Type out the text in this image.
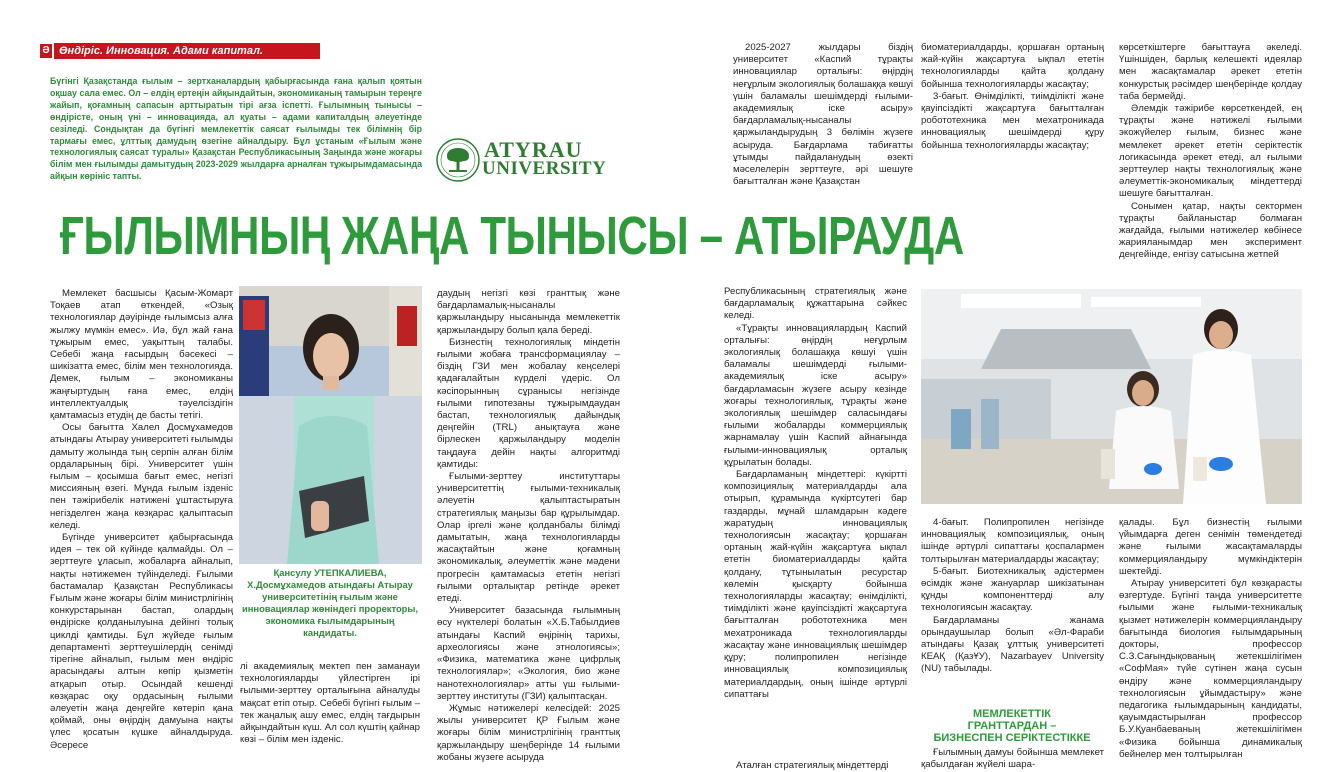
Ә Өндіріс. Инновация. Адами капитал.
Бүгінгі Қазақстанда ғылым – зертханалардың қабырғасында ғана қалып қоятын оқшау сала емес. Ол – елдің ертеңін айқындайтын, экономиканың тамырын тереңге жайып, қоғамның сапасын арттыратын тірі ағза іспетті. Ғылымның тынысы – өндірісте, оның үні – инновацияда, ал қуаты – адами капиталдың әлеуетінде сезіледі. Сондықтан да бүгінгі мемлекеттік саясат ғылымды тек білімнің бір тармағы емес, ұлттық дамудың өзегіне айналдыру. Бұл ұстаным «Ғылым және технологиялық саясат туралы» Қазақстан Республикасының Заңында және жоғары білім мен ғылымды дамытудың 2023-2029 жылдарға арналған тұжырымдамасында айқын көрініс тапты.
ATYRAU
UNIVERSITY
ҒЫЛЫМНЫҢ ЖАҢА ТЫНЫСЫ – АТЫРАУДА
Қансулу УТЕПКАЛИЕВА, Х.Досмұхамедов атындағы Атырау университетінің ғылым және инновациялар жөніндегі проректоры, экономика ғылымдарының кандидаты.

Мемлекет басшысы Қасым-Жомарт Тоқаев атап өткендей, «Озық технологиялар дәуірінде ғылымсыз алға жылжу мүмкін емес». Иә, бұл жай ғана тұжырым емес, уақыттың талабы. Себебі жаңа ғасырдың бәсекесі – шикізатта емес, білім мен технологияда. Демек, ғылым – экономиканы жаңғыртудың ғана емес, елдің интеллектуалдық тәуелсіздігін қамтамасыз етудің де басты тетігі.

Осы бағытта Халел Досмұхамедов атындағы Атырау университеті ғылымды дамыту жолында тың серпін алған білім ордаларының бірі. Университет үшін ғылым – қосымша бағыт емес, негізгі миссияның өзегі. Мұнда ғылым ізденіс пен тәжірибелік нәтижені ұштастыруға негізделген жаңа көзқарас қалыптасып келеді.

Бүгінде университет қабырғасында идея – тек ой күйінде қалмайды. Ол – зерттеуге ұласып, жобаларға айналып, нақты нәтижемен түйінделеді. Ғылыми бастамалар Қазақстан Республикасы Ғылым және жоғары білім министрлігінің конкурстарынан бастап, олардың өндіріске қолданылуына дейінгі толық циклді қамтиды. Бұл жүйеде ғылым департаменті зерттеушілердің сенімді тірегіне айналып, ғылым мен өндіріс арасындағы алтын көпір қызметін атқарып отыр. Осындай кешенді көзқарас оқу ордасының ғылыми әлеуетін жаңа деңгейге көтеріп қана қоймай, оны өңірдің дамуына нақты үлес қосатын күшке айналдыруда. Әсересе

лі академиялық мектеп пен заманауи технологияларды үйлестірген ірі ғылыми-зерттеу орталығына айналуды мақсат етіп отыр. Себебі бүгінгі ғылым – тек жаңалық ашу емес, елдің тағдырын айқындайтын күш. Ал сол күштің қайнар көзі – білім мен ізденіс.

даудың негізгі көзі гранттық және бағдарламалық-нысаналы қаржыландыру нысанында мемлекеттік қаржыландыру болып қала береді.

Бизнестің технологиялық міндетін ғылыми жобаға трансформациялау – біздің ГЗИ мен жобалау кеңселері қадағалайтын күрделі үдеріс. Ол кәсіпорынның сұранысы негізінде ғылыми гипотезаны тұжырымдаудан бастап, технологиялық дайындық деңгейін (TRL) анықтауға және бірлескен қаржыландыру моделін таңдауға дейін нақты алгоритмді қамтиды:

Ғылыми-зерттеу институттары университеттің ғылыми-техникалық әлеуетін қалыптастыратын стратегиялық маңызы бар құрылымдар. Олар іргелі және қолданбалы білімді дамытатын, жаңа технологияларды жасақтайтын және қоғамның экономикалық, әлеуметтік және мәдени прогресін қамтамасыз ететін негізгі ғылыми орталықтар ретінде әрекет етеді.

Университет базасында ғылымның өсу нүктелері болатын «Х.Б.Табылдиев атындағы Каспий өңірінің тарихы, археологиясы және этнологиясы»; «Физика, математика және цифрлық технологиялар»; «Экология, био және нанотехнологиялар» атты үш ғылыми-зерттеу институты (ГЗИ) қалыптасқан.

Жұмыс нәтижелері келесідей: 2025 жылы университет ҚР Ғылым және жоғары білім министрлігінің гранттық қаржыландыру шеңберінде 14 ғылыми жобаны жүзеге асыруда

2025-2027 жылдары біздің университет «Каспий тұрақты инновациялар орталығы: өңірдің неғұрлым экологиялық болашаққа көшуі үшін баламалы шешімдерді ғылыми-академиялық іске асыру» бағдарламалық-нысаналы қаржыландырудың 3 бөлімін жүзеге асыруда. Бағдарлама табиғатты ұтымды пайдаланудың өзекті мәселелерін зерттеуге, әрі шешуге бағытталған және Қазақстан

биоматериалдарды, қоршаған ортаның жай-күйін жақсартуға ықпал ететін технологияларды қайта қолдану бойынша технологияларды жасақтау;

3-бағыт. Өнімділікті, тиімділікті және қауіпсіздікті жақсартуға бағытталған робототехника мен мехатроникада инновациялық шешімдерді құру бойынша технологияларды жасақтау;

көрсеткіштерге бағыттауға әкеледі. Үшіншіден, барлық келешекті идеялар мен жасақтамалар әрекет ететін конкурстық рәсімдер шеңберінде қолдау таба бермейді.

Әлемдік тәжірибе көрсеткендей, ең тұрақты және нәтижелі ғылыми экожүйелер ғылым, бизнес және мемлекет әрекет ететін серіктестік логикасында әрекет етеді, ал ғылыми зерттеулер нақты технологиялық және әлеуметтік-экономикалық міндеттерді шешуге бағытталған.

Сонымен қатар, нақты сектормен тұрақты байланыстар болмаған жағдайда, ғылыми нәтижелер көбінесе жарияланымдар мен эксперимент деңгейінде, енгізу сатысына жетпей

Республикасының стратегиялық және бағдарламалық құжаттарына сәйкес келеді.

«Тұрақты инновациялардың Каспий орталығы: өңірдің неғұрлым экологиялық болашаққа көшуі үшін баламалы шешімдерді ғылыми-академиялық іске асыру» бағдарламасын жүзеге асыру кезінде жоғары технологиялық, тұрақты және экологиялық шешімдер саласындағы ғылыми жобаларды коммерциялық жарнамалау үшін Каспий айнағында ғылыми-инновациялық орталық құрылатын болады.

Бағдарламаның міндеттері: күкіртті композициялық материалдарды ала отырып, құрамында күкіртсутегі бар газдарды, мұнай шламдарын кәдеге жаратудың инновациялық технологиясын жасақтау; қоршаған ортаның жай-күйін жақсартуға ықпал ететін биоматериалдарды қайта қолдану, тұтынылатын ресурстар көлемін қысқарту бойынша технологияларды жасақтау; өнімділікті, тиімділікті және қауіпсіздікті жақсартуға бағытталған робототехника мен мехатроникада технологияларды жасақтау және инновациялық шешімдер құру; полипропилен негізінде инновациялық композициялық материалдардың, оның ішінде әртүрлі сипаттағы

Аталған стратегиялық міндеттерді

4-бағыт. Полипропилен негізінде инновациялық композициялық, оның ішінде әртүрлі сипаттағы қоспалармен толтырылған материалдарды жасақтау;

5-бағыт. Биотехникалық әдістермен өсімдік және жануарлар шикізатынан құнды компоненттерді алу технологиясын жасақтау.

Бағдарламаны жанама орындаушылар болып «Әл-Фараби атындағы Қазақ ұлттық университеті КЕАҚ (ҚазҰУ), Nazarbayev University (NU) табылады.

МЕМЛЕКЕТТІК
ГРАНТТАРДАН –
БИЗНЕСПЕН СЕРІКТЕСТІККЕ

Ғылымның дамуы бойынша мемлекет қабылдаған жүйелі шара-

қалады. Бұл бизнестің ғылыми үйымдарға деген сенімін төмендетеді және ғылыми жасақтамаларды коммерцияландыру мүмкіндіктерін шектейді.

Атырау университеті бұл көзқарасты өзгертуде. Бүгінгі таңда университетте ғылыми және ғылыми-техникалық қызмет нәтижелерін коммерцияландыру бағытында биология ғылымдарының докторы, профессор С.З.Сағындықованың жетекшілігімен «СофМая» түйе сүтінен жаңа сусын өндіру және коммерцияландыру технологиясын ұйымдастыру» және педагогика ғылымдарының кандидаты, қауымдастырылған профессор Б.У.Қуанбаеваның жетекшілігімен «Физика бойынша динамикалық бейнелер мен толтырылған
